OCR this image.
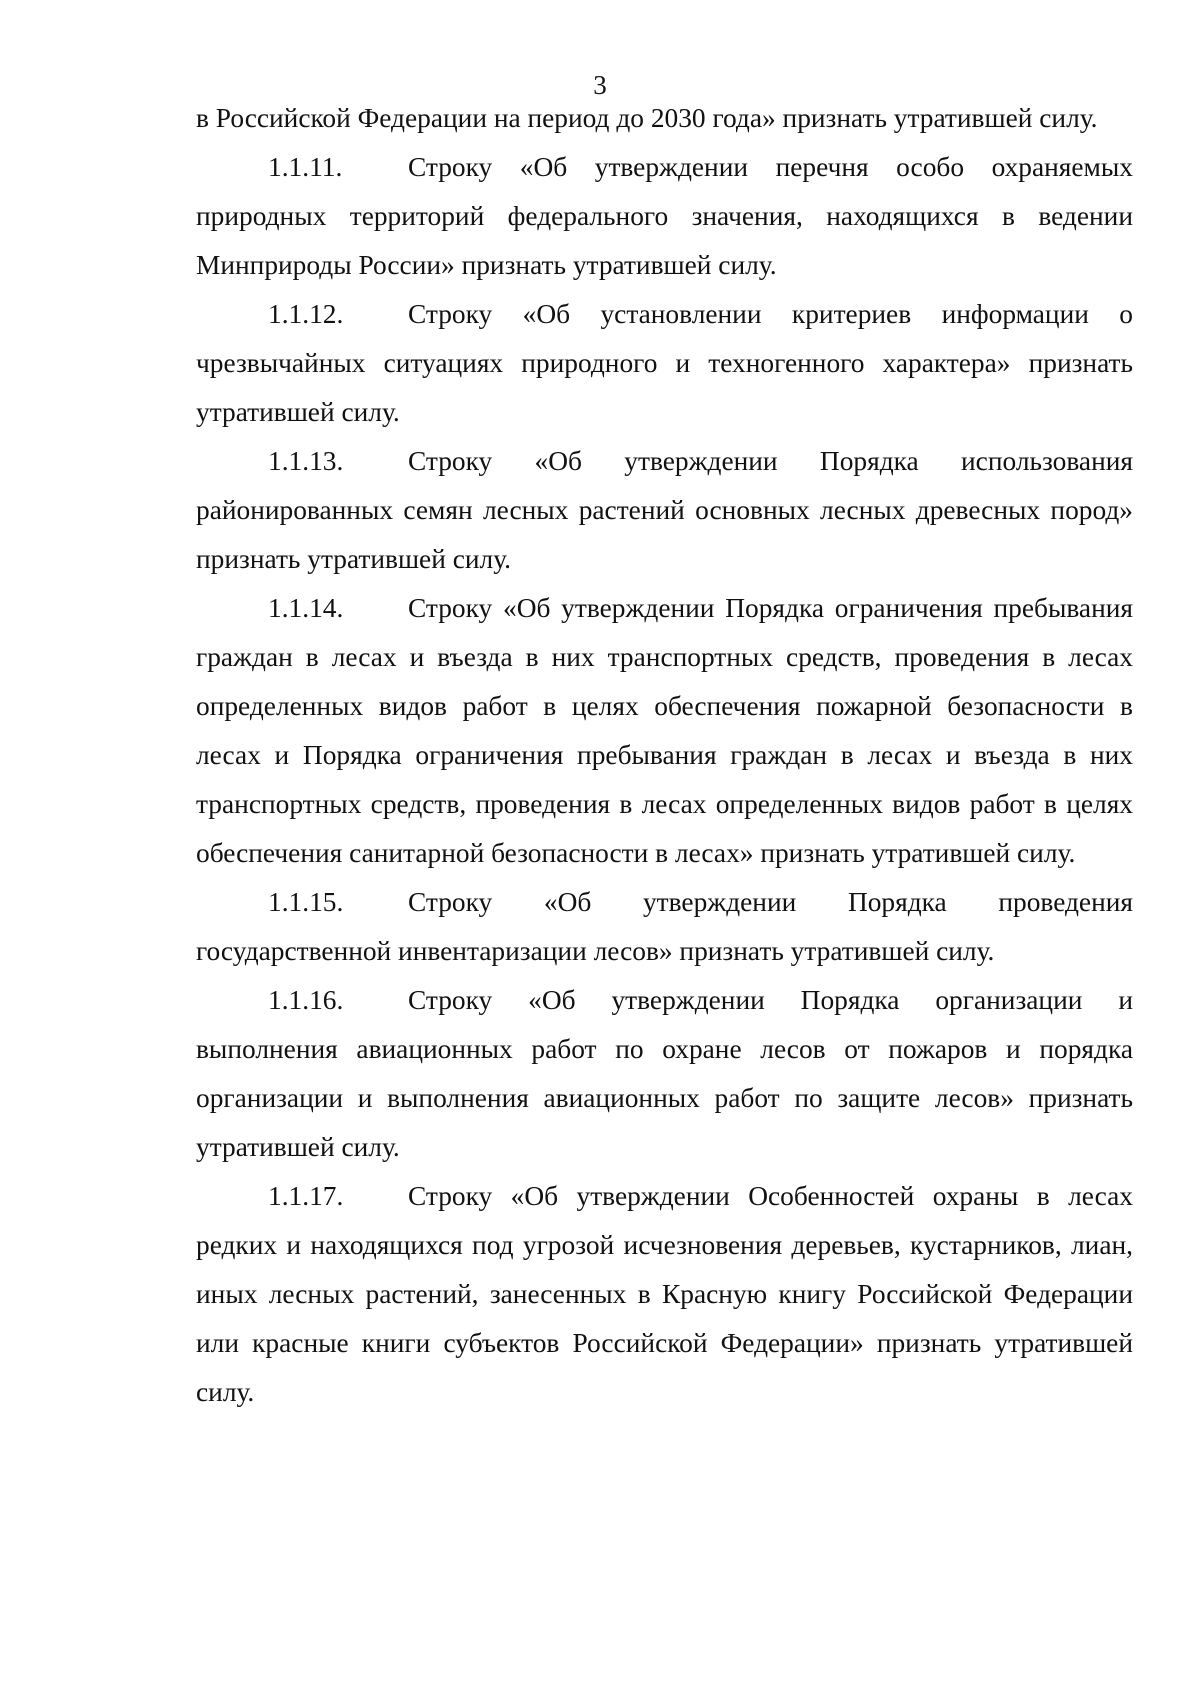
3

в Российской Федерации на период до 2030 года» признать утратившей силу.

1.1.11. Строку «Об утверждении перечня особо охраняемых природных территорий федерального значения, находящихся в ведении Минприроды России» признать утратившей силу.

1.1.12. Строку «Об установлении критериев информации о чрезвычайных ситуациях природного и техногенного характера» признать утратившей силу.

1.1.13. Строку «Об утверждении Порядка использования районированных семян лесных растений основных лесных древесных пород» признать утратившей силу.

1.1.14. Строку «Об утверждении Порядка ограничения пребывания граждан в лесах и въезда в них транспортных средств, проведения в лесах определенных видов работ в целях обеспечения пожарной безопасности в лесах и Порядка ограничения пребывания граждан в лесах и въезда в них транспортных средств, проведения в лесах определенных видов работ в целях обеспечения санитарной безопасности в лесах» признать утратившей силу.

1.1.15. Строку «Об утверждении Порядка проведения государственной инвентаризации лесов» признать утратившей силу.

1.1.16. Строку «Об утверждении Порядка организации и выполнения авиационных работ по охране лесов от пожаров и порядка организации и выполнения авиационных работ по защите лесов» признать утратившей силу.

1.1.17. Строку «Об утверждении Особенностей охраны в лесах редких и находящихся под угрозой исчезновения деревьев, кустарников, лиан, иных лесных растений, занесенных в Красную книгу Российской Федерации или красные книги субъектов Российской Федерации» признать утратившей силу.
